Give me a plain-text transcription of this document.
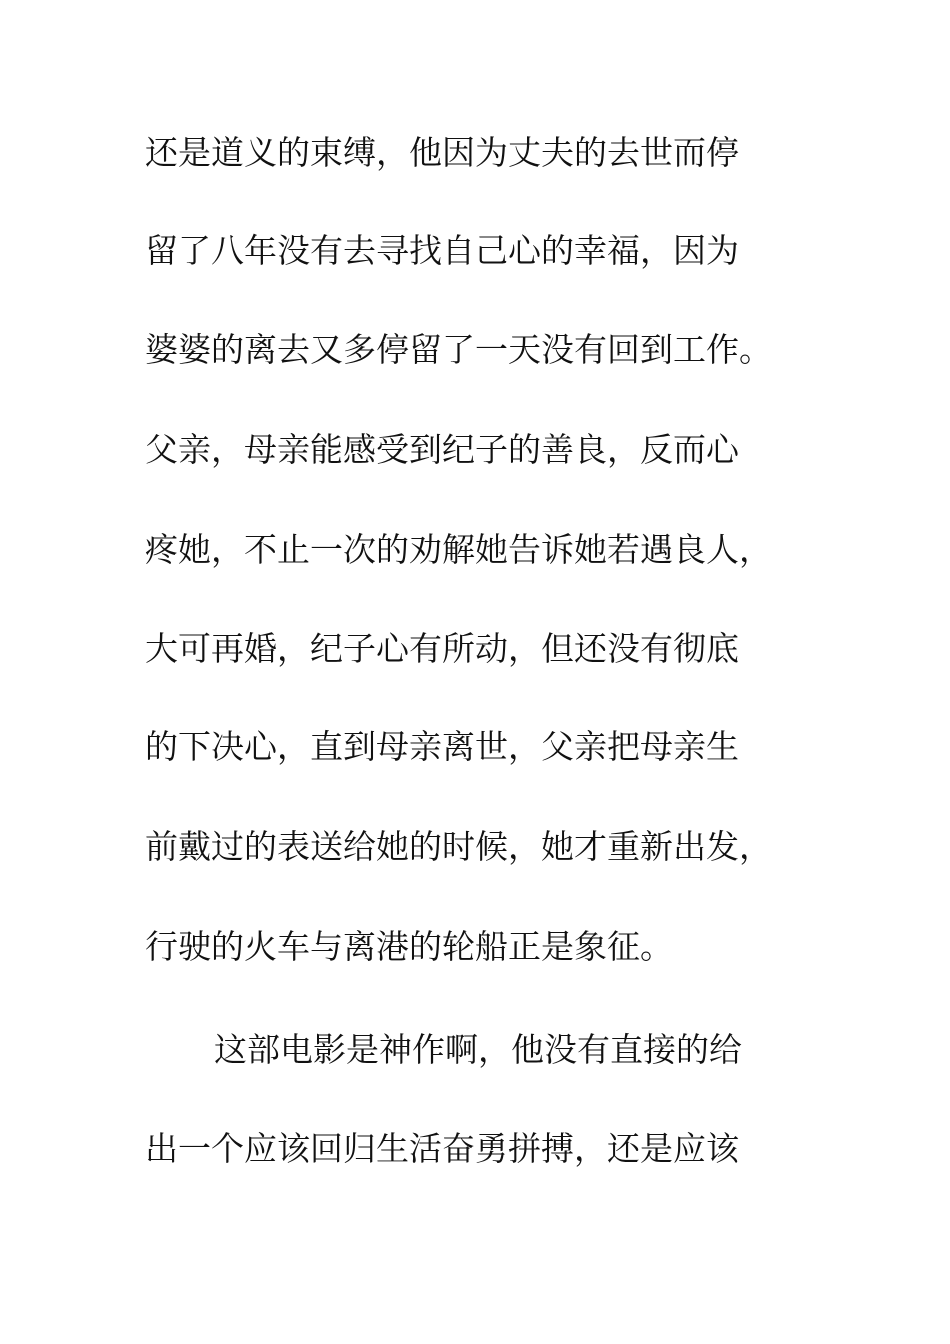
还是道义的束缚，他因为丈夫的去世而停

留了八年没有去寻找自己心的幸福，因为

婆婆的离去又多停留了一天没有回到工作。

父亲，母亲能感受到纪子的善良，反而心

疼她，不止一次的劝解她告诉她若遇良人，

大可再婚，纪子心有所动，但还没有彻底

的下决心，直到母亲离世，父亲把母亲生

前戴过的表送给她的时候，她才重新出发，

行驶的火车与离港的轮船正是象征。

这部电影是神作啊，他没有直接的给

出一个应该回归生活奋勇拼搏，还是应该
